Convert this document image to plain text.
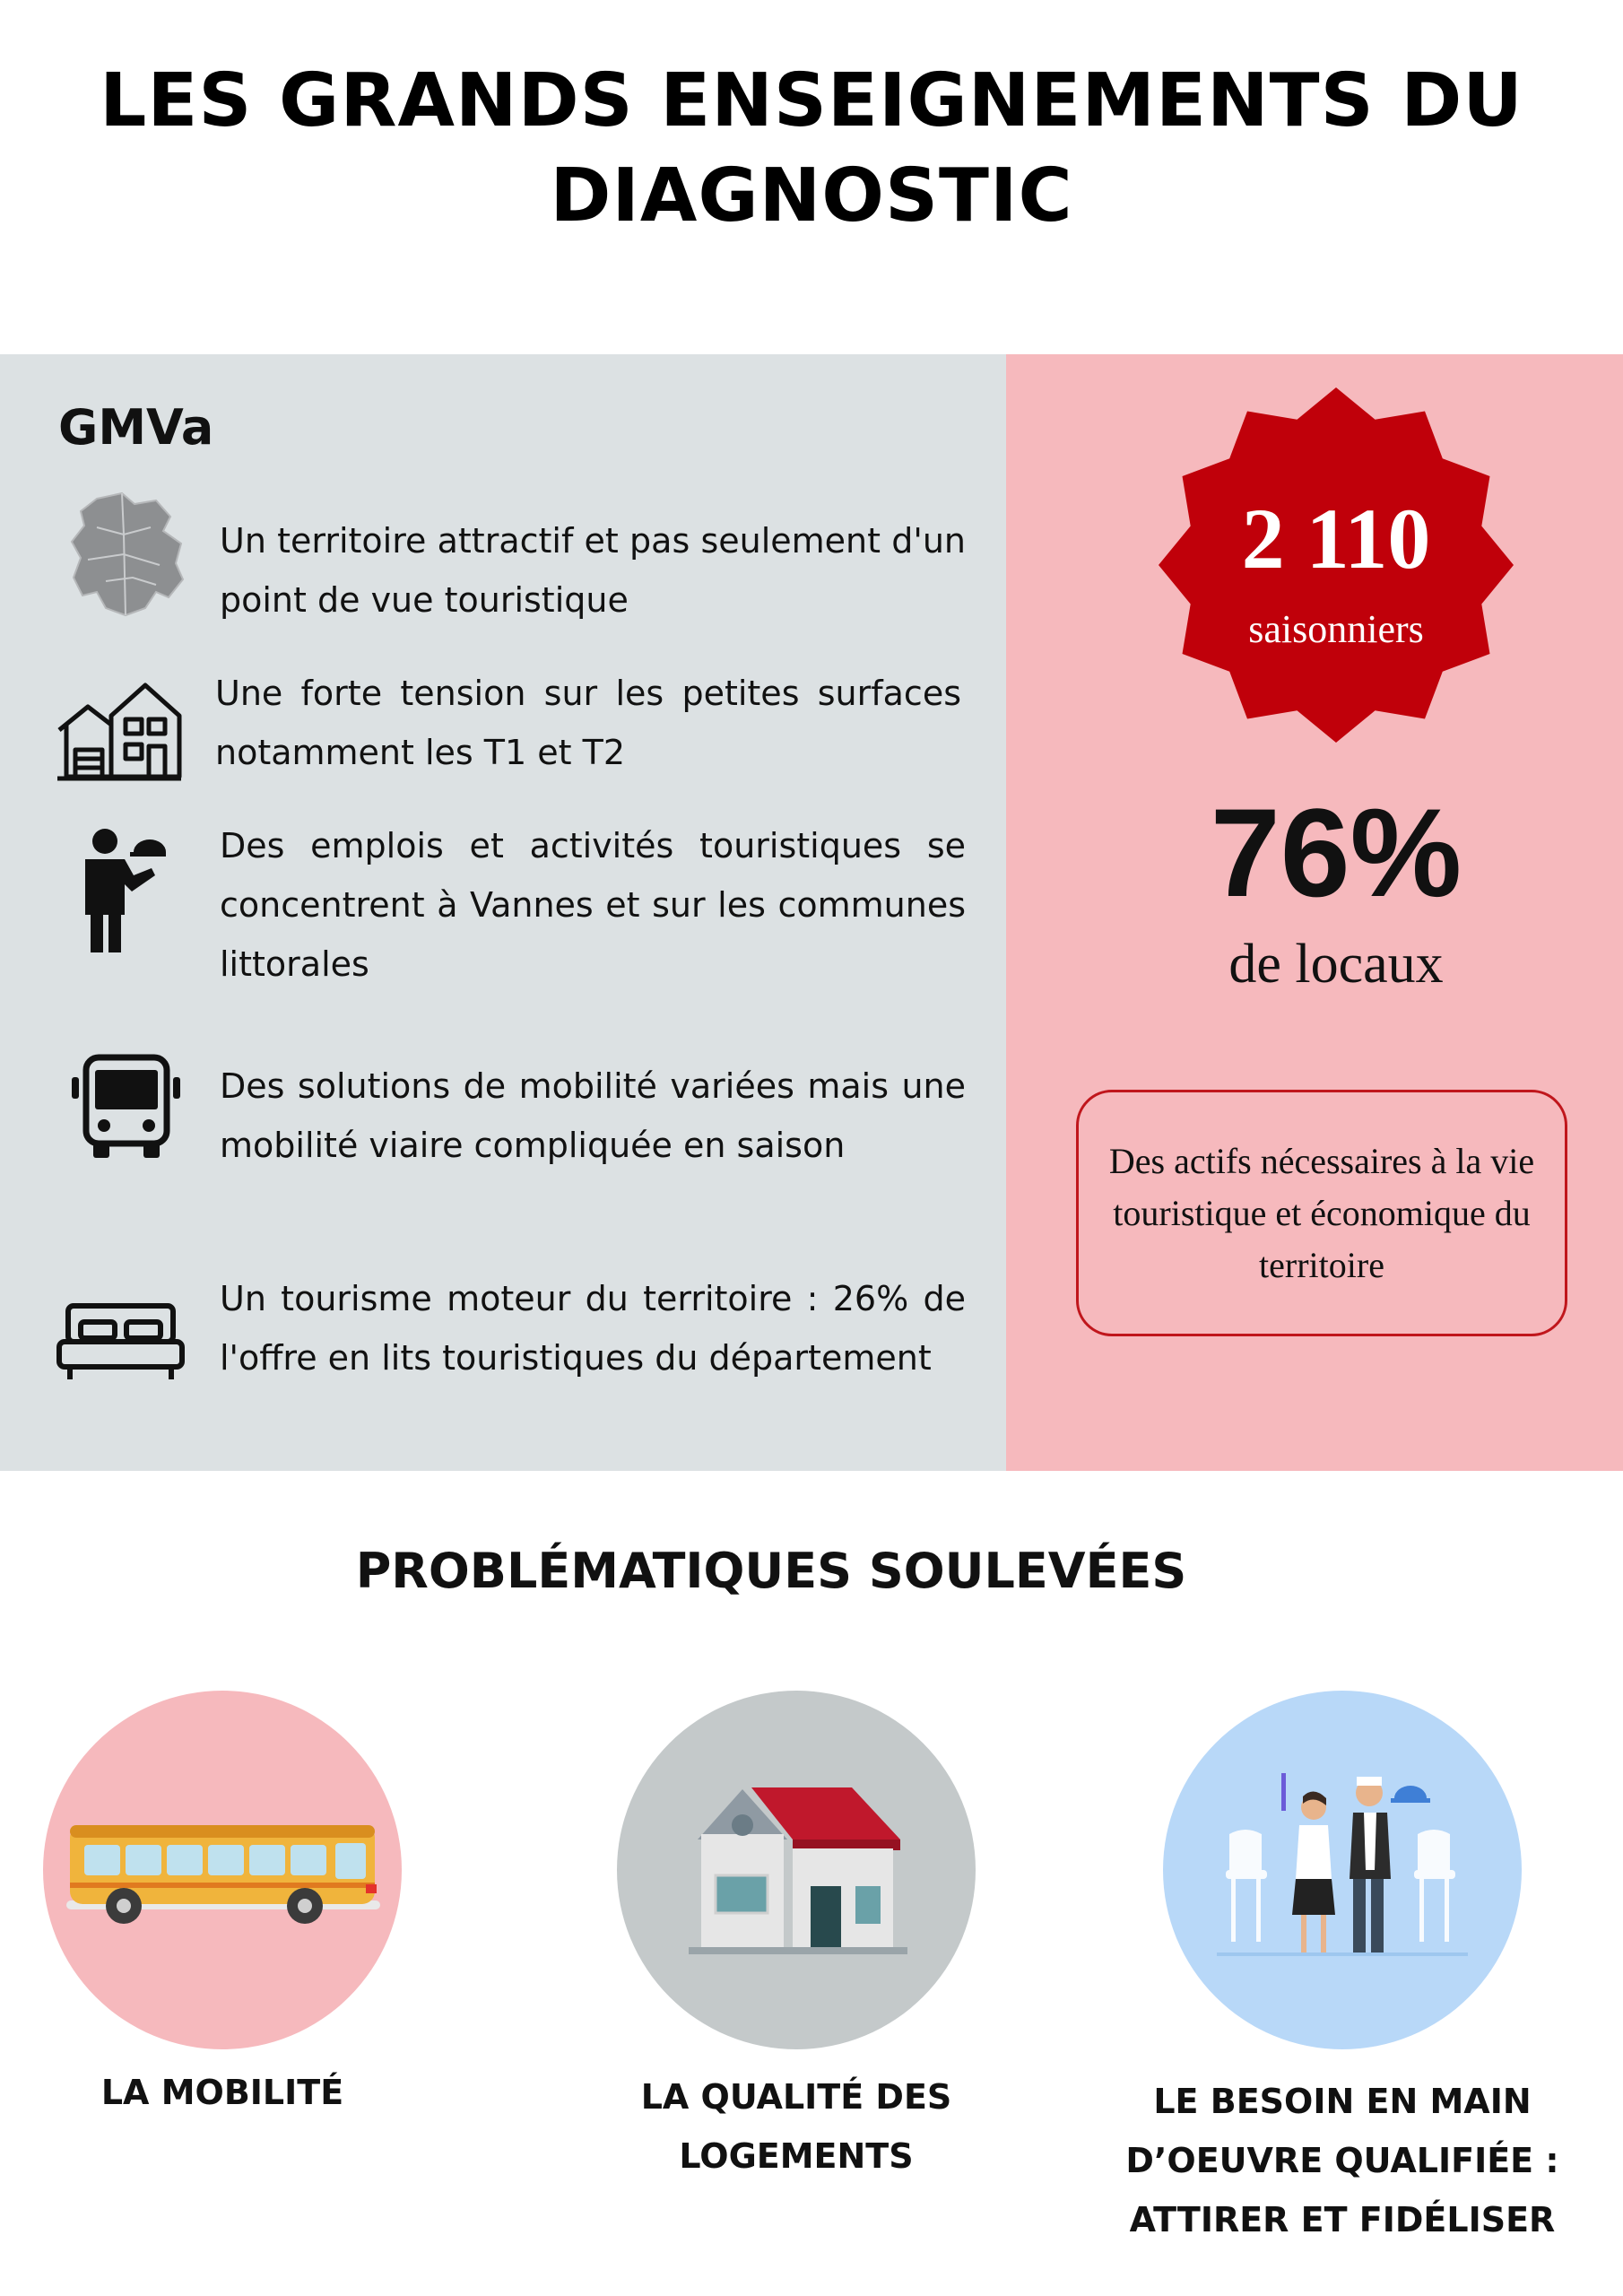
LES GRANDS ENSEIGNEMENTS DU
DIAGNOSTIC
GMVa
Un territoire attractif et pas seulement d'un point de vue touristique
Une forte tension sur les petites surfaces notamment les T1 et T2
Des emplois et activités touristiques se concentrent à Vannes et sur les communes littorales
Des solutions de mobilité variées mais une mobilité viaire compliquée en saison
Un tourisme moteur du territoire : 26% de l'offre en lits touristiques du département
2 110
saisonniers
76%
de locaux
Des actifs nécessaires à la vie touristique et économique du territoire
PROBLÉMATIQUES SOULEVÉES
LA MOBILITÉ	LA QUALITÉ DES
LOGEMENTS
LE BESOIN EN MAIN
D’OEUVRE QUALIFIÉE :
ATTIRER ET FIDÉLISER
